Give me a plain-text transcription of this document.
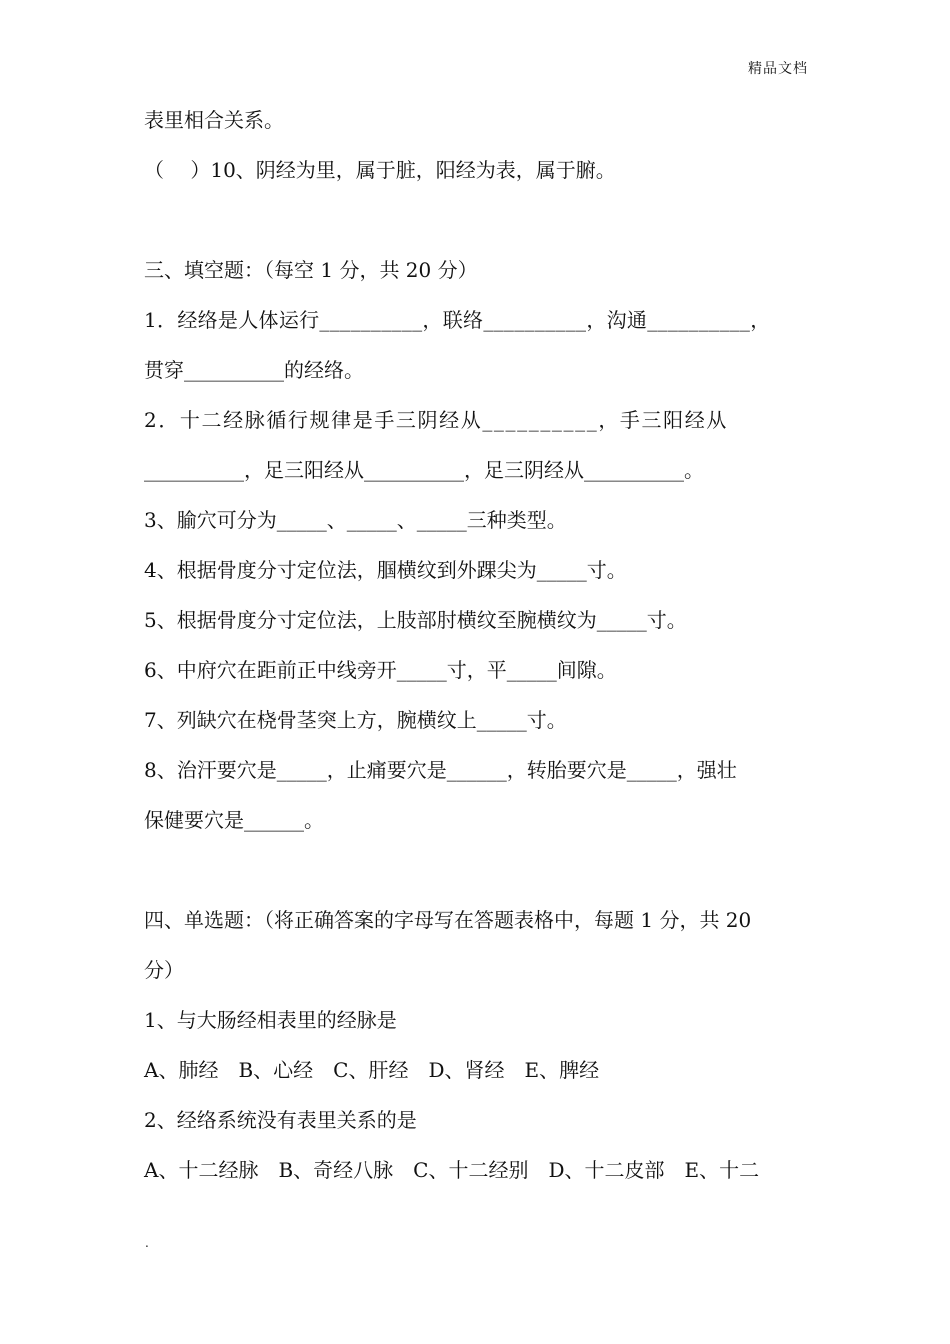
精品文档
表里相合关系。
（　 ）10、阴经为里，属于脏，阳经为表，属于腑。
三、填空题：（每空 1 分，共 20 分）
1．经络是人体运行__________，联络__________，沟通__________，
贯穿__________的经络。
2．十二经脉循行规律是手三阴经从__________，手三阳经从
__________，足三阳经从__________，足三阴经从__________。
3、腧穴可分为_____、_____、_____三种类型。
4、根据骨度分寸定位法，腘横纹到外踝尖为_____寸。
5、根据骨度分寸定位法，上肢部肘横纹至腕横纹为_____寸。
6、中府穴在距前正中线旁开_____寸，平_____间隙。
7、列缺穴在桡骨茎突上方，腕横纹上_____寸。
8、治汗要穴是_____，止痛要穴是______，转胎要穴是_____，强壮
保健要穴是______。
四、单选题：（将正确答案的字母写在答题表格中，每题 1 分，共 20
分）
1、与大肠经相表里的经脉是
A、肺经　B、心经　C、肝经　D、肾经　E、脾经
2、经络系统没有表里关系的是
A、十二经脉　B、奇经八脉　C、十二经别　D、十二皮部　E、十二
.
